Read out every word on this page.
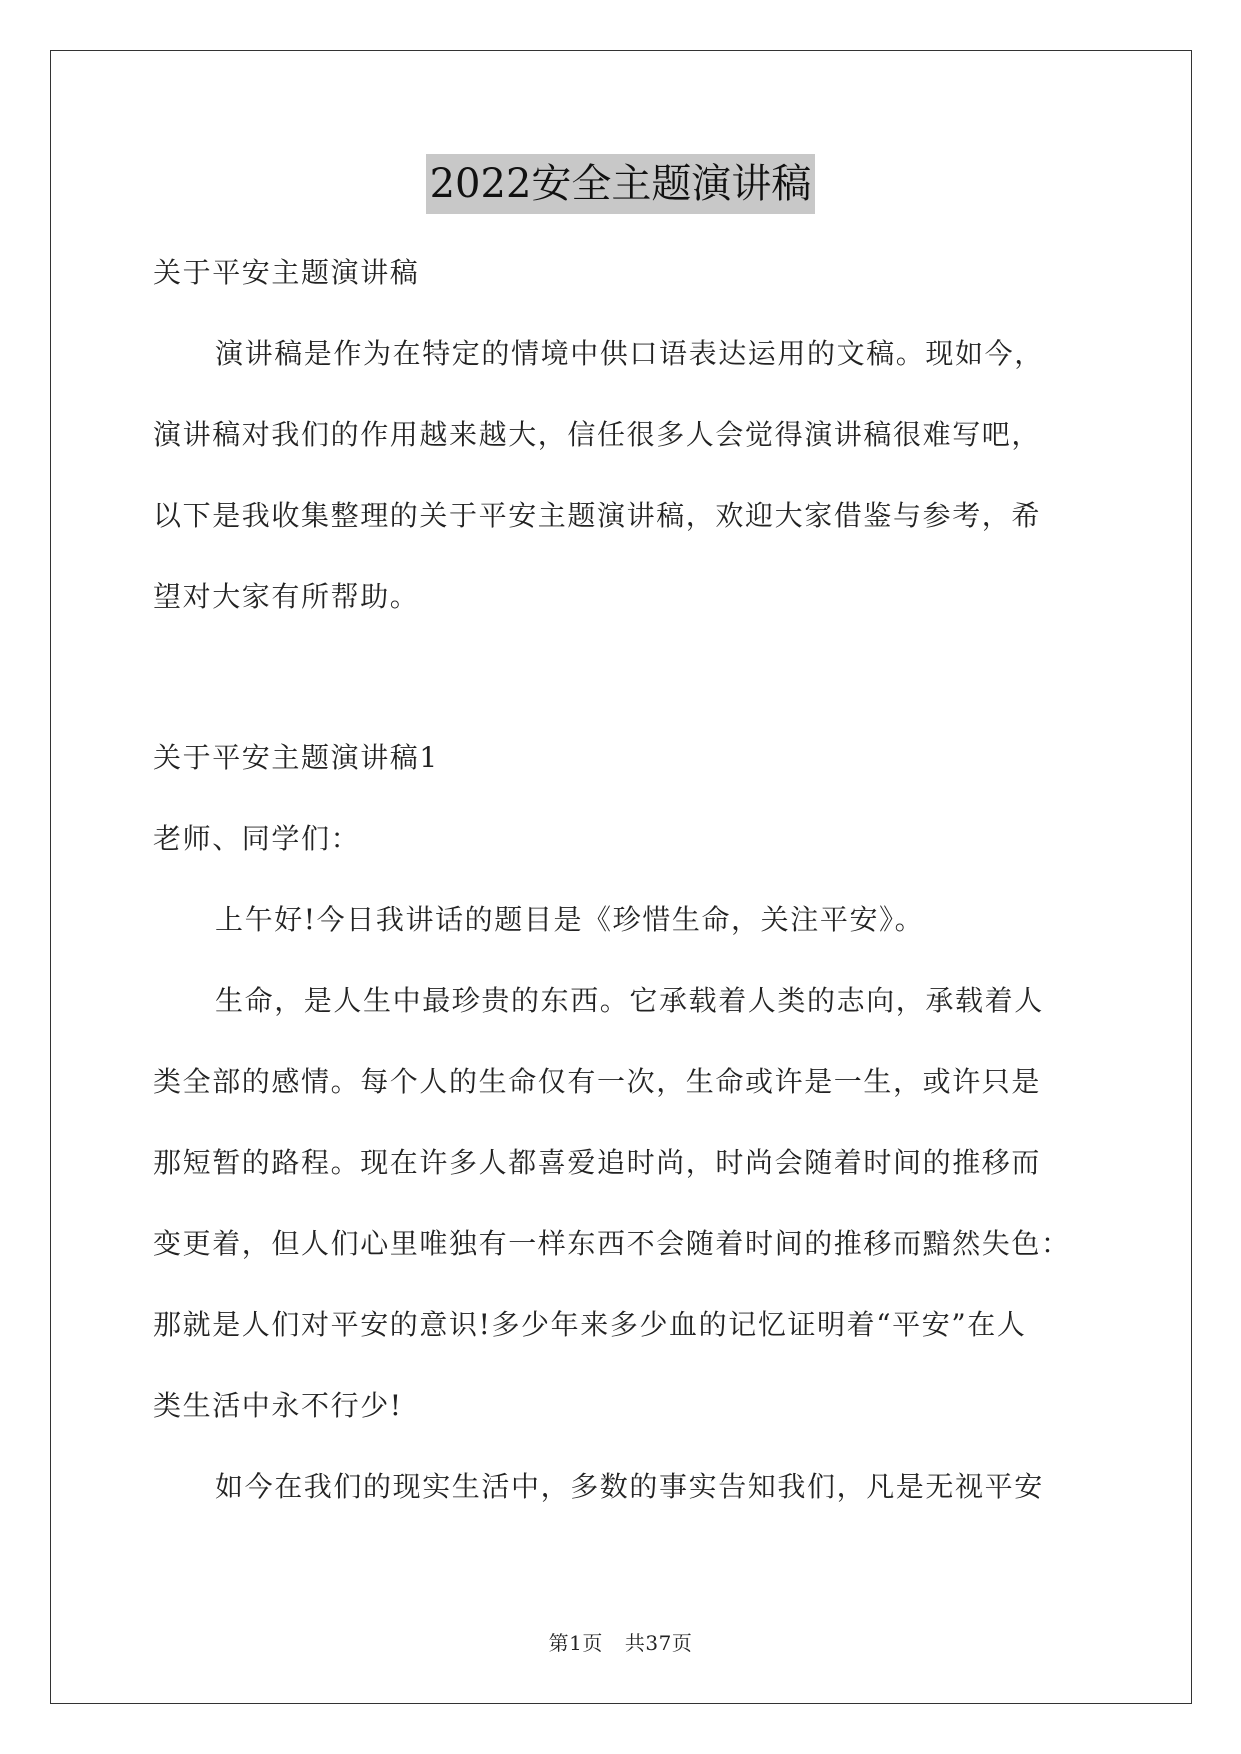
2022安全主题演讲稿

关于平安主题演讲稿

演讲稿是作为在特定的情境中供口语表达运用的文稿。现如今，

演讲稿对我们的作用越来越大，信任很多人会觉得演讲稿很难写吧，

以下是我收集整理的关于平安主题演讲稿，欢迎大家借鉴与参考，希

望对大家有所帮助。

关于平安主题演讲稿1

老师、同学们：

上午好!今日我讲话的题目是《珍惜生命，关注平安》。

生命，是人生中最珍贵的东西。它承载着人类的志向，承载着人

类全部的感情。每个人的生命仅有一次，生命或许是一生，或许只是

那短暂的路程。现在许多人都喜爱追时尚，时尚会随着时间的推移而

变更着，但人们心里唯独有一样东西不会随着时间的推移而黯然失色：

那就是人们对平安的意识!多少年来多少血的记忆证明着“平安”在人

类生活中永不行少!

如今在我们的现实生活中，多数的事实告知我们，凡是无视平安

第1页 共37页
